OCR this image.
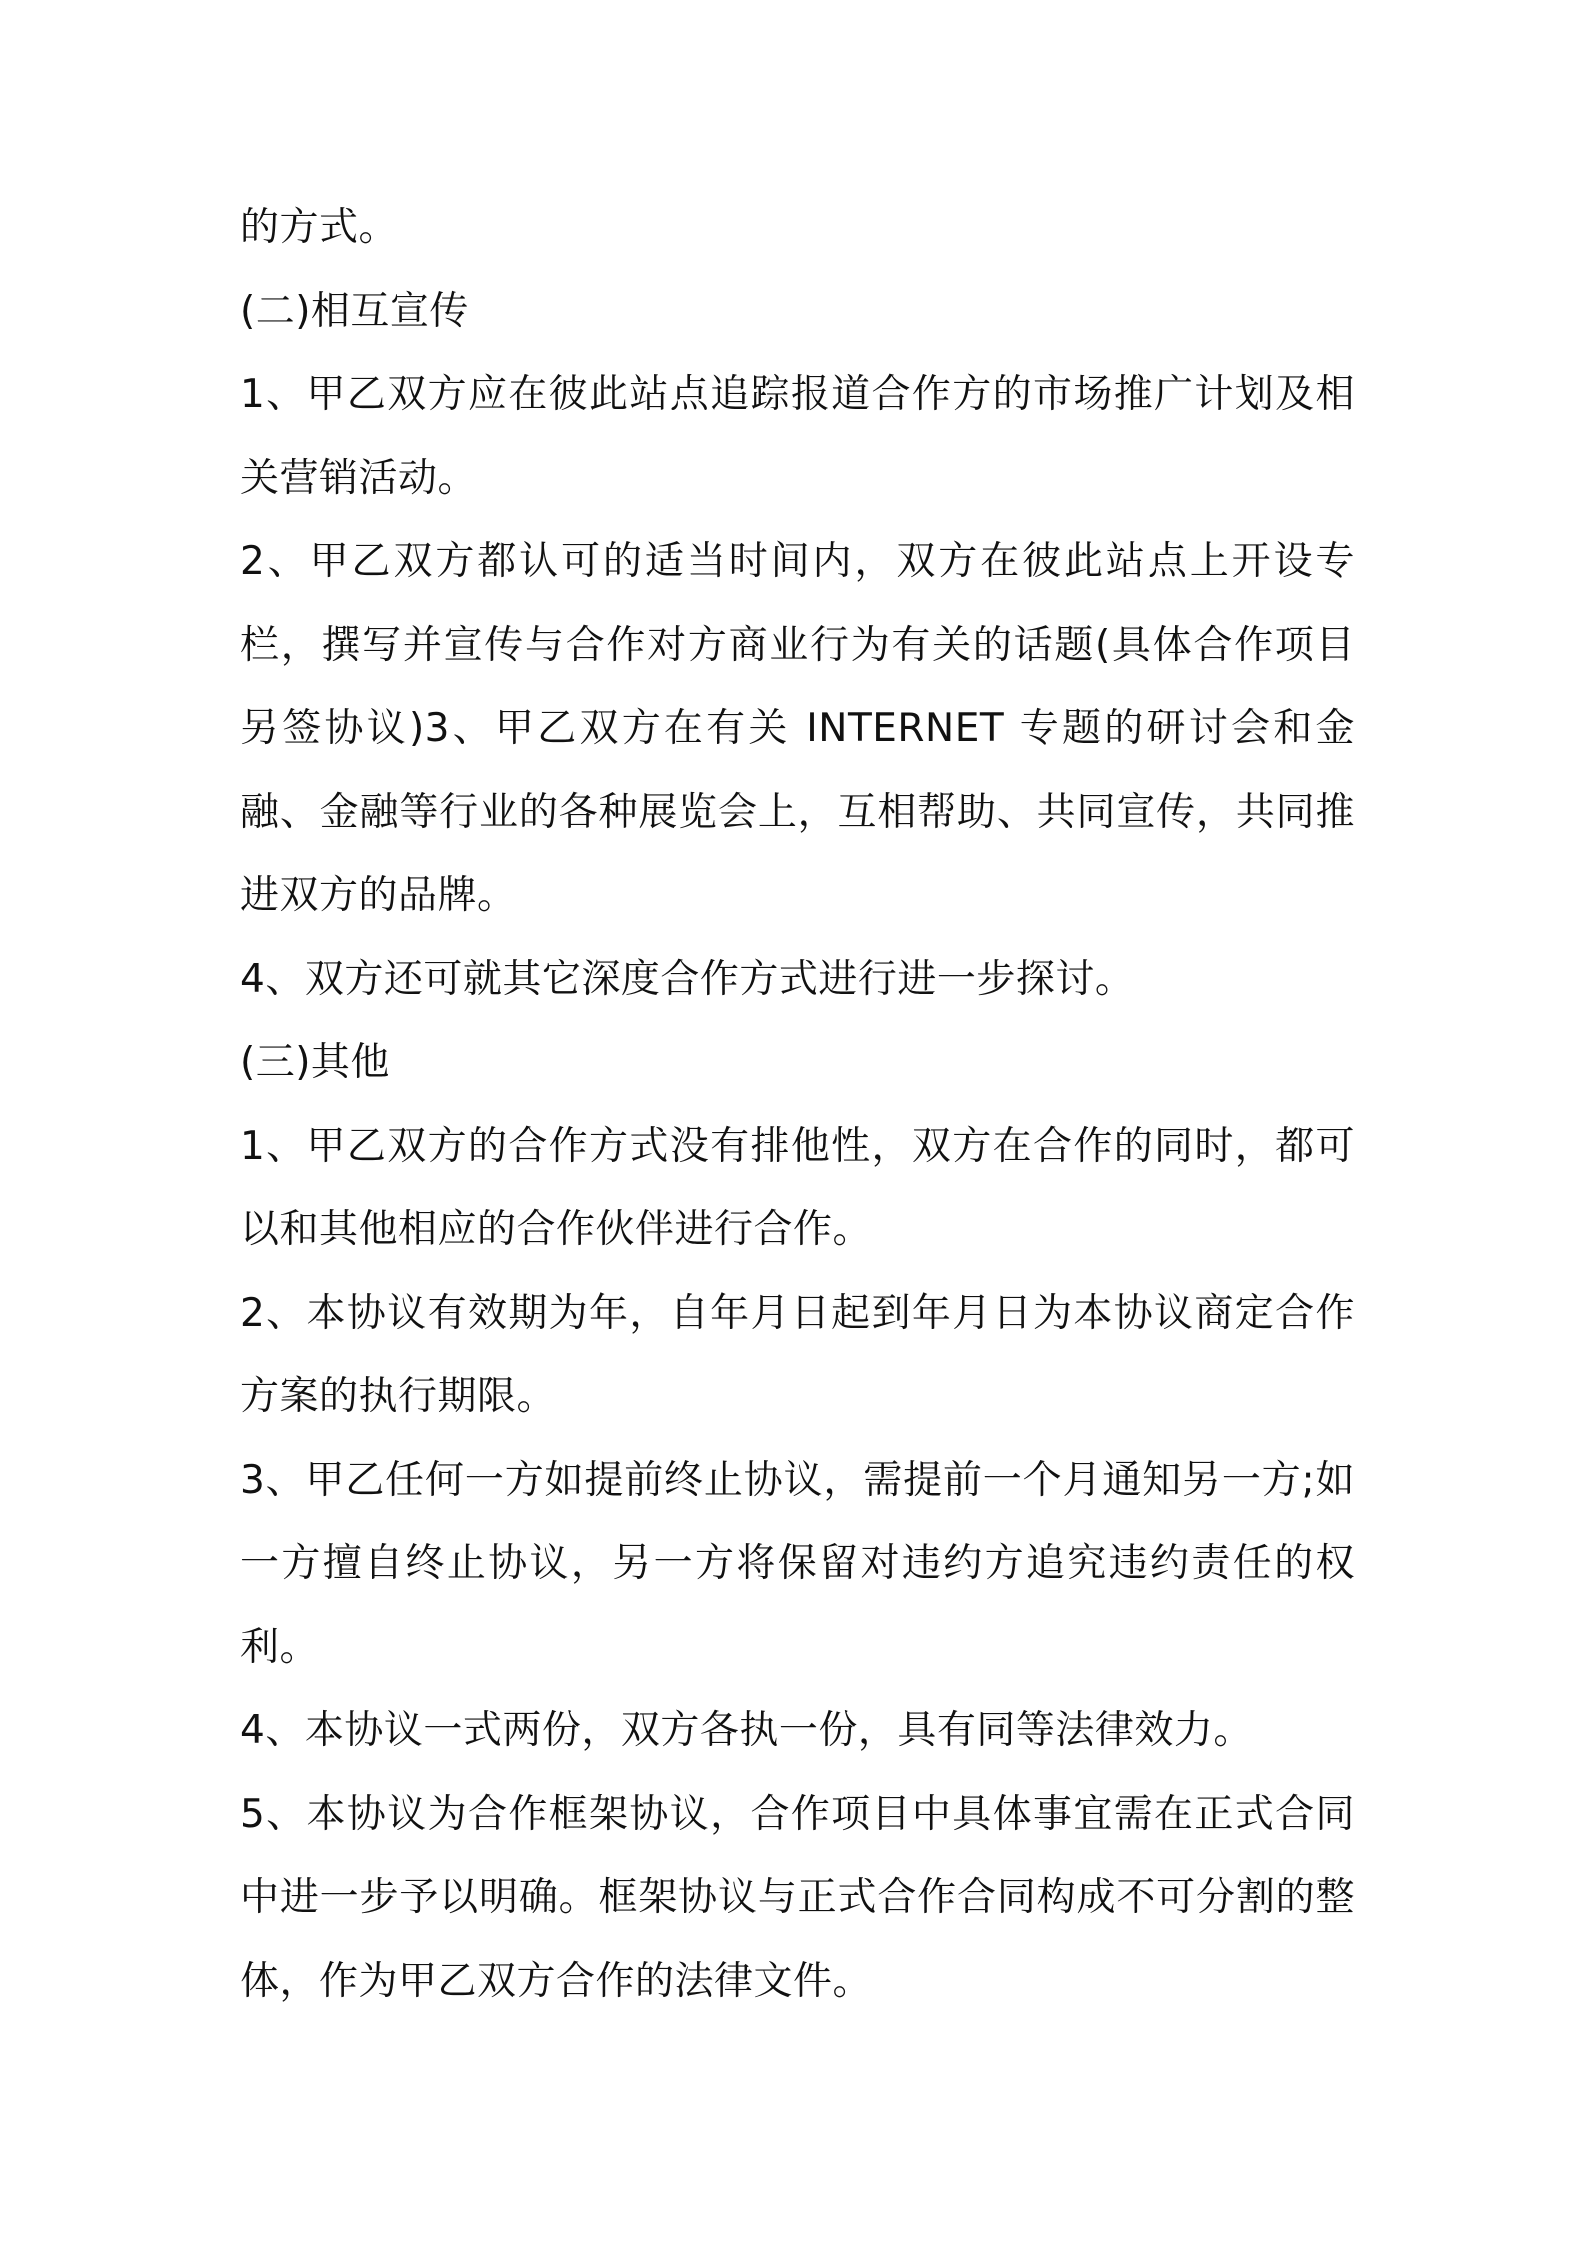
的方式。

(二)相互宣传

1、甲乙双方应在彼此站点追踪报道合作方的市场推广计划及相关营销活动。

2、甲乙双方都认可的适当时间内，双方在彼此站点上开设专栏，撰写并宣传与合作对方商业行为有关的话题(具体合作项目另签协议)3、甲乙双方在有关 INTERNET 专题的研讨会和金融、金融等行业的各种展览会上，互相帮助、共同宣传，共同推进双方的品牌。

4、双方还可就其它深度合作方式进行进一步探讨。

(三)其他

1、甲乙双方的合作方式没有排他性，双方在合作的同时，都可以和其他相应的合作伙伴进行合作。

2、本协议有效期为年，自年月日起到年月日为本协议商定合作方案的执行期限。

3、甲乙任何一方如提前终止协议，需提前一个月通知另一方;如一方擅自终止协议，另一方将保留对违约方追究违约责任的权利。

4、本协议一式两份，双方各执一份，具有同等法律效力。

5、本协议为合作框架协议，合作项目中具体事宜需在正式合同中进一步予以明确。框架协议与正式合作合同构成不可分割的整体，作为甲乙双方合作的法律文件。
